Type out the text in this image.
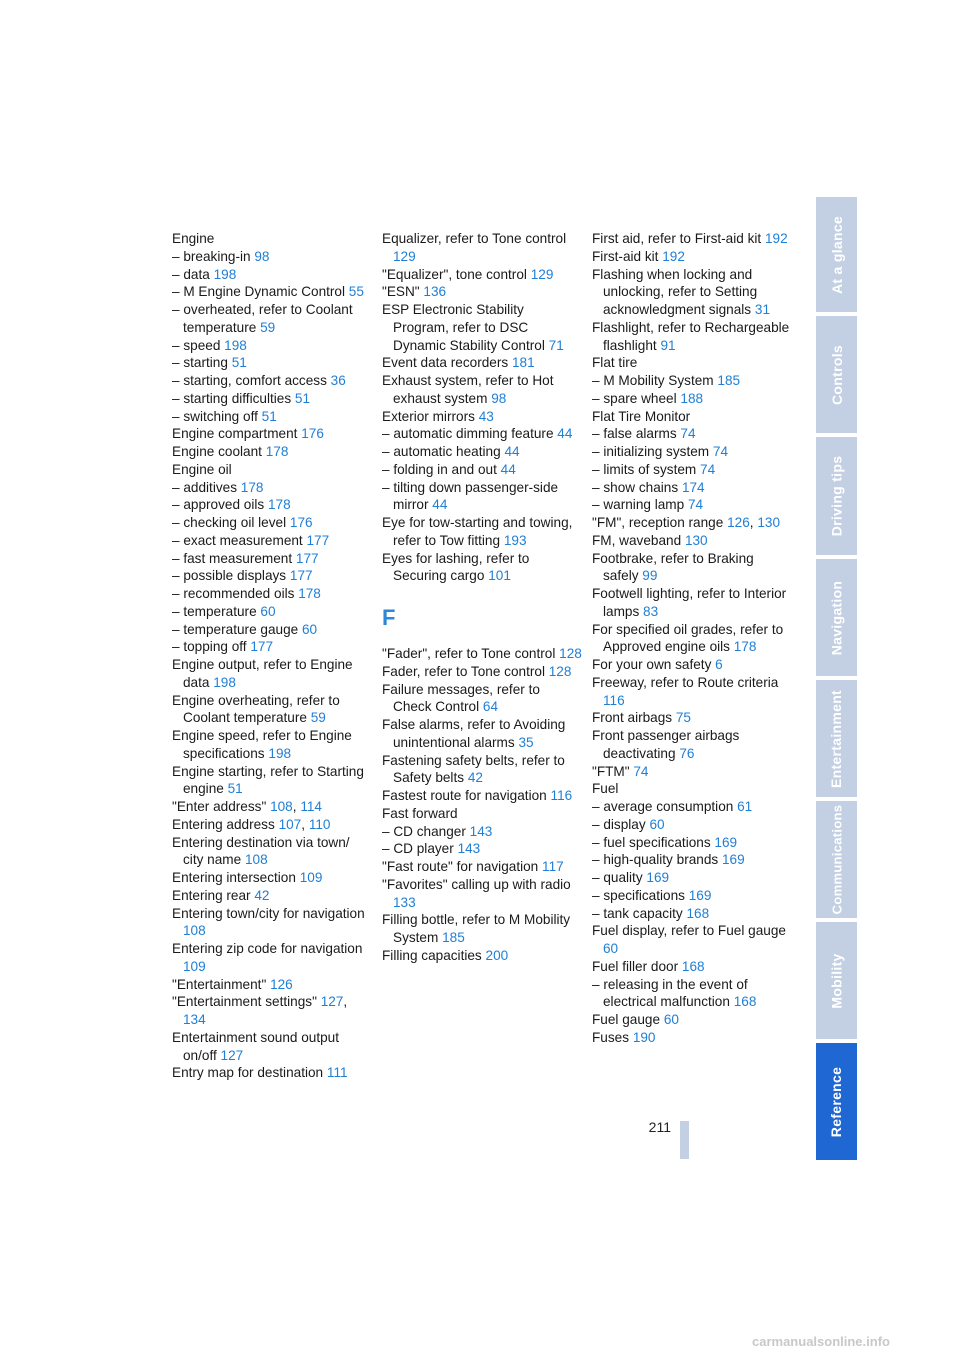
Engine
– breaking-in 98
– data 198
– M Engine Dynamic Control 55
– overheated, refer to Coolant temperature 59
– speed 198
– starting 51
– starting, comfort access 36
– starting difficulties 51
– switching off 51
Engine compartment 176
Engine coolant 178
Engine oil
– additives 178
– approved oils 178
– checking oil level 176
– exact measurement 177
– fast measurement 177
– possible displays 177
– recommended oils 178
– temperature 60
– temperature gauge 60
– topping off 177
Engine output, refer to Engine data 198
Engine overheating, refer to Coolant temperature 59
Engine speed, refer to Engine specifications 198
Engine starting, refer to Starting engine 51
"Enter address" 108, 114
Entering address 107, 110
Entering destination via town/ city name 108
Entering intersection 109
Entering rear 42
Entering town/city for navigation 108
Entering zip code for navigation 109
"Entertainment" 126
"Entertainment settings" 127, 134
Entertainment sound output on/off 127
Entry map for destination 111
Equalizer, refer to Tone control 129
"Equalizer", tone control 129
"ESN" 136
ESP Electronic Stability Program, refer to DSC Dynamic Stability Control 71
Event data recorders 181
Exhaust system, refer to Hot exhaust system 98
Exterior mirrors 43
– automatic dimming feature 44
– automatic heating 44
– folding in and out 44
– tilting down passenger-side mirror 44
Eye for tow-starting and towing, refer to Tow fitting 193
Eyes for lashing, refer to Securing cargo 101
F
"Fader", refer to Tone control 128
Fader, refer to Tone control 128
Failure messages, refer to Check Control 64
False alarms, refer to Avoiding unintentional alarms 35
Fastening safety belts, refer to Safety belts 42
Fastest route for navigation 116
Fast forward
– CD changer 143
– CD player 143
"Fast route" for navigation 117
"Favorites" calling up with radio 133
Filling bottle, refer to M Mobility System 185
Filling capacities 200
First aid, refer to First-aid kit 192
First-aid kit 192
Flashing when locking and unlocking, refer to Setting acknowledgment signals 31
Flashlight, refer to Rechargeable flashlight 91
Flat tire
– M Mobility System 185
– spare wheel 188
Flat Tire Monitor
– false alarms 74
– initializing system 74
– limits of system 74
– show chains 174
– warning lamp 74
"FM", reception range 126, 130
FM, waveband 130
Footbrake, refer to Braking safely 99
Footwell lighting, refer to Interior lamps 83
For specified oil grades, refer to Approved engine oils 178
For your own safety 6
Freeway, refer to Route criteria 116
Front airbags 75
Front passenger airbags deactivating 76
"FTM" 74
Fuel
– average consumption 61
– display 60
– fuel specifications 169
– high-quality brands 169
– quality 169
– specifications 169
– tank capacity 168
Fuel display, refer to Fuel gauge 60
Fuel filler door 168
– releasing in the event of electrical malfunction 168
Fuel gauge 60
Fuses 190
At a glance
Controls
Driving tips
Navigation
Entertainment
Communications
Mobility
Reference
211
carmanualsonline.info
